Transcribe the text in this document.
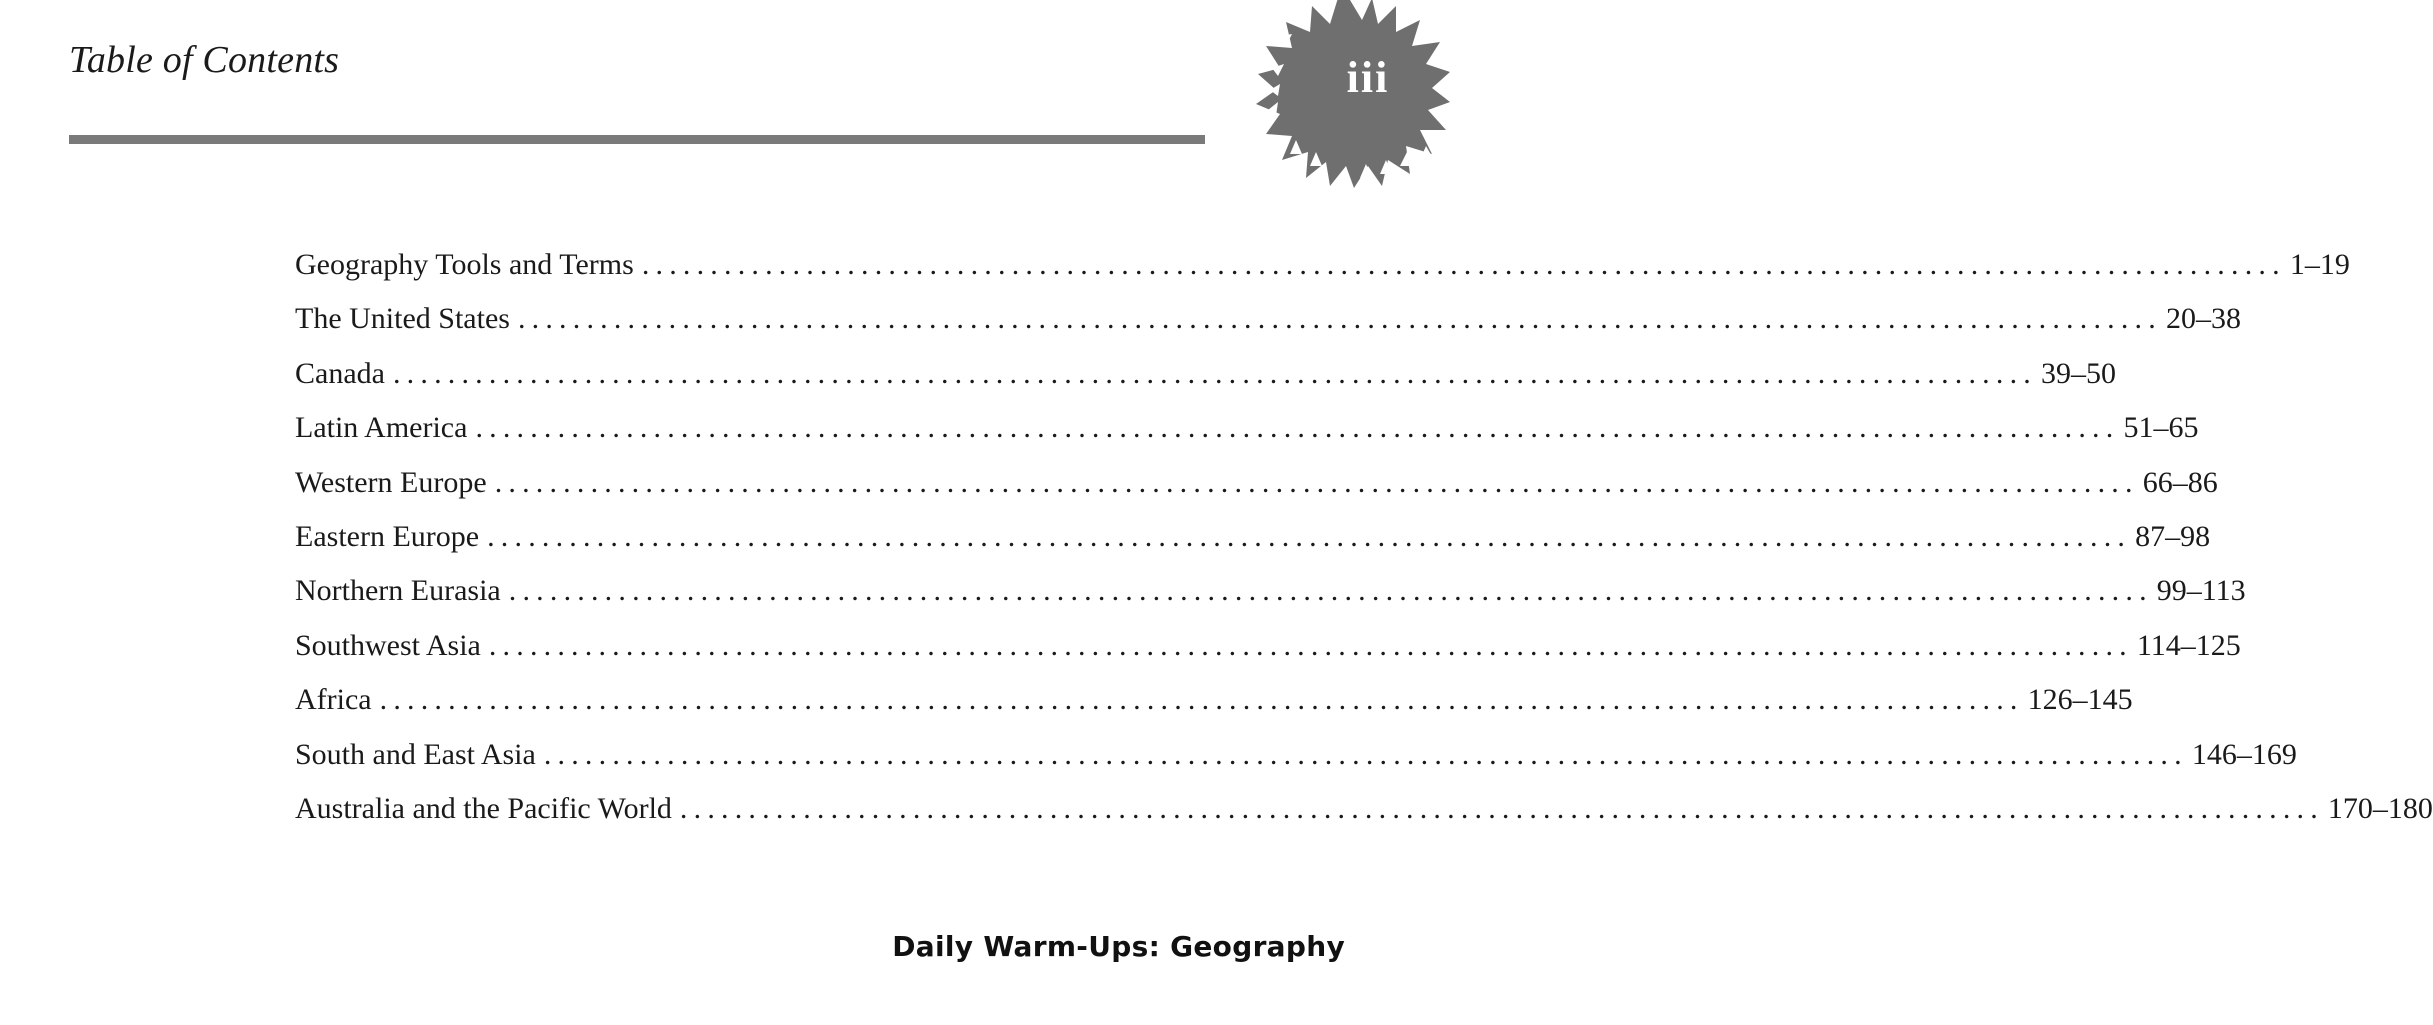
Table of Contents	iii
Geography Tools and Terms ........................................................................................................................ 1–19
The United States ........................................................................................................................ 20–38
Canada ........................................................................................................................ 39–50
Latin America ........................................................................................................................ 51–65
Western Europe ........................................................................................................................ 66–86
Eastern Europe ........................................................................................................................ 87–98
Northern Eurasia ........................................................................................................................ 99–113
Southwest Asia ........................................................................................................................ 114–125
Africa ........................................................................................................................ 126–145
South and East Asia ........................................................................................................................ 146–169
Australia and the Pacific World ........................................................................................................................ 170–180
Daily Warm-Ups: Geography
